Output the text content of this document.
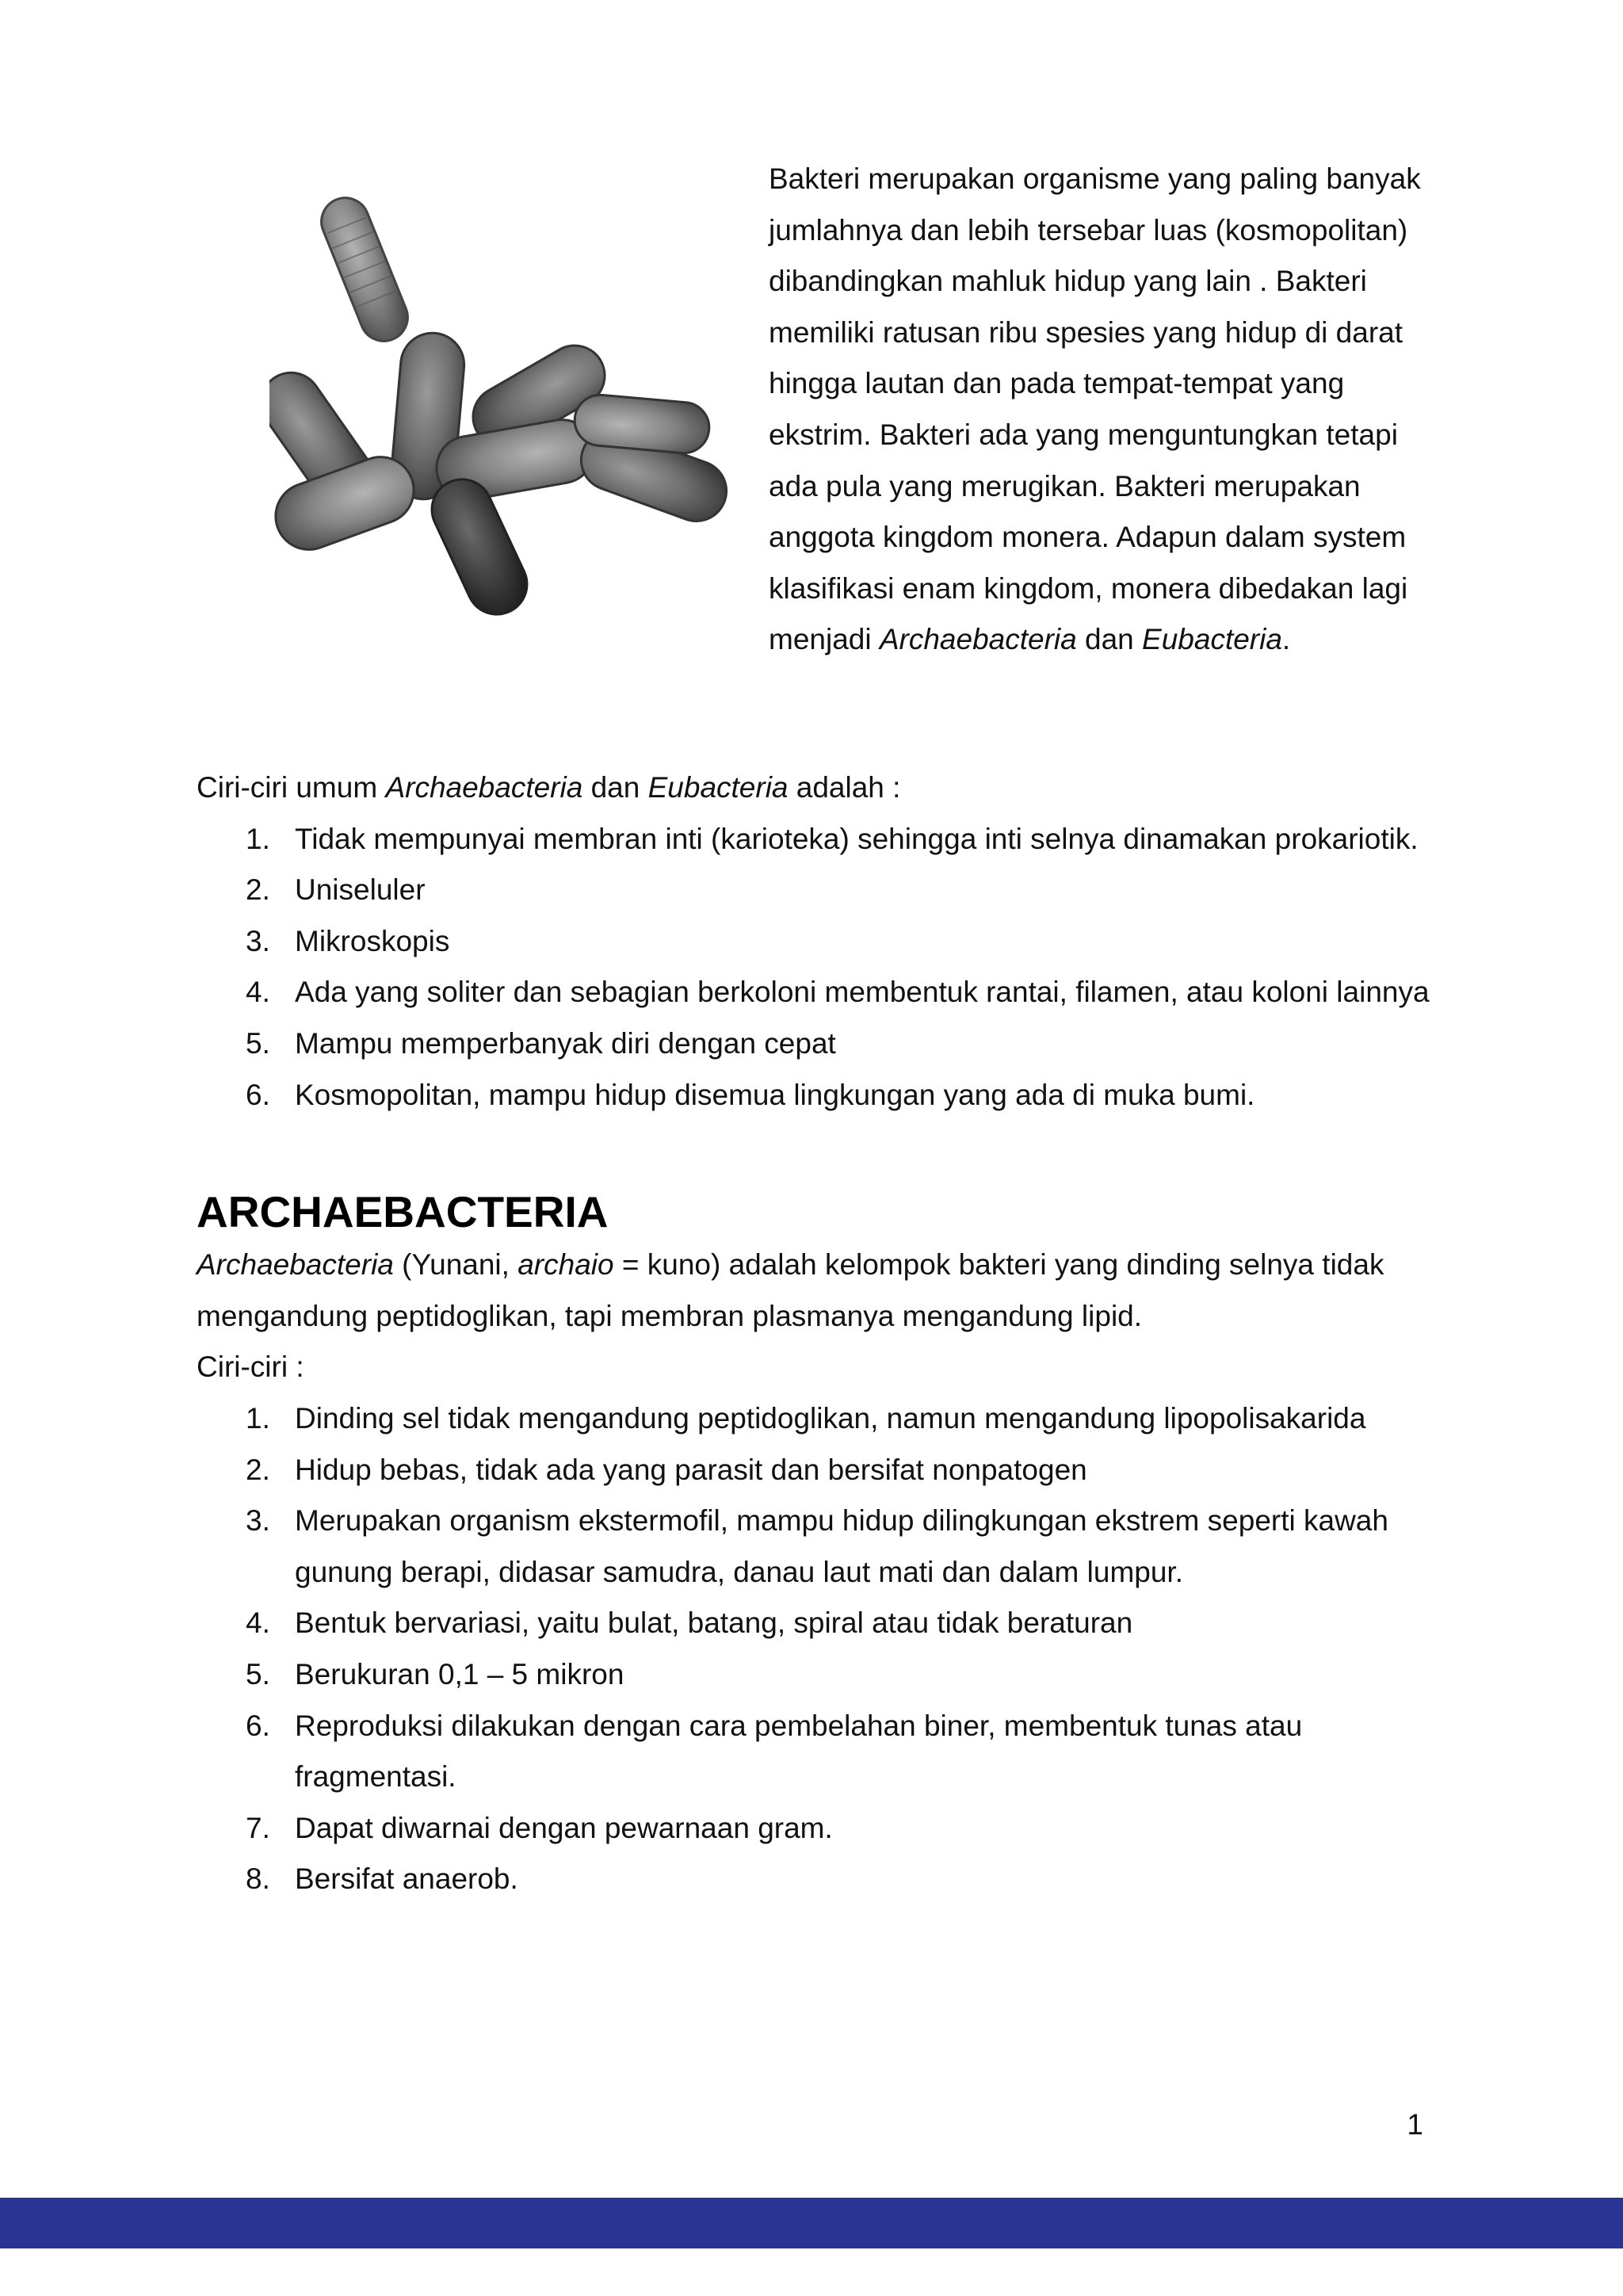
Bakteri merupakan organisme yang paling banyak jumlahnya dan lebih tersebar luas (kosmopolitan) dibandingkan mahluk hidup yang lain . Bakteri memiliki ratusan ribu spesies yang hidup di darat hingga lautan dan pada tempat-tempat yang ekstrim. Bakteri ada yang menguntungkan tetapi ada pula yang merugikan. Bakteri merupakan anggota kingdom monera. Adapun dalam system klasifikasi enam kingdom, monera dibedakan lagi menjadi Archaebacteria dan Eubacteria.

Ciri-ciri umum Archaebacteria dan Eubacteria adalah :

1. Tidak mempunyai membran inti (karioteka) sehingga inti selnya dinamakan prokariotik.
2. Uniseluler
3. Mikroskopis
4. Ada yang soliter dan sebagian berkoloni membentuk rantai, filamen, atau koloni lainnya
5. Mampu memperbanyak diri dengan cepat
6. Kosmopolitan, mampu hidup disemua lingkungan yang ada di muka bumi.
ARCHAEBACTERIA

Archaebacteria (Yunani, archaio = kuno) adalah kelompok bakteri yang dinding selnya tidak mengandung peptidoglikan, tapi membran plasmanya mengandung lipid.

Ciri-ciri :

1. Dinding sel tidak mengandung peptidoglikan, namun mengandung lipopolisakarida
2. Hidup bebas, tidak ada yang parasit dan bersifat nonpatogen
3. Merupakan organism ekstermofil, mampu hidup dilingkungan ekstrem seperti kawah gunung berapi, didasar samudra, danau laut mati dan dalam lumpur.
4. Bentuk bervariasi, yaitu bulat, batang, spiral atau tidak beraturan
5. Berukuran 0,1 – 5 mikron
6. Reproduksi dilakukan dengan cara pembelahan biner, membentuk tunas atau fragmentasi.
7. Dapat diwarnai dengan pewarnaan gram.
8. Bersifat anaerob.
1
